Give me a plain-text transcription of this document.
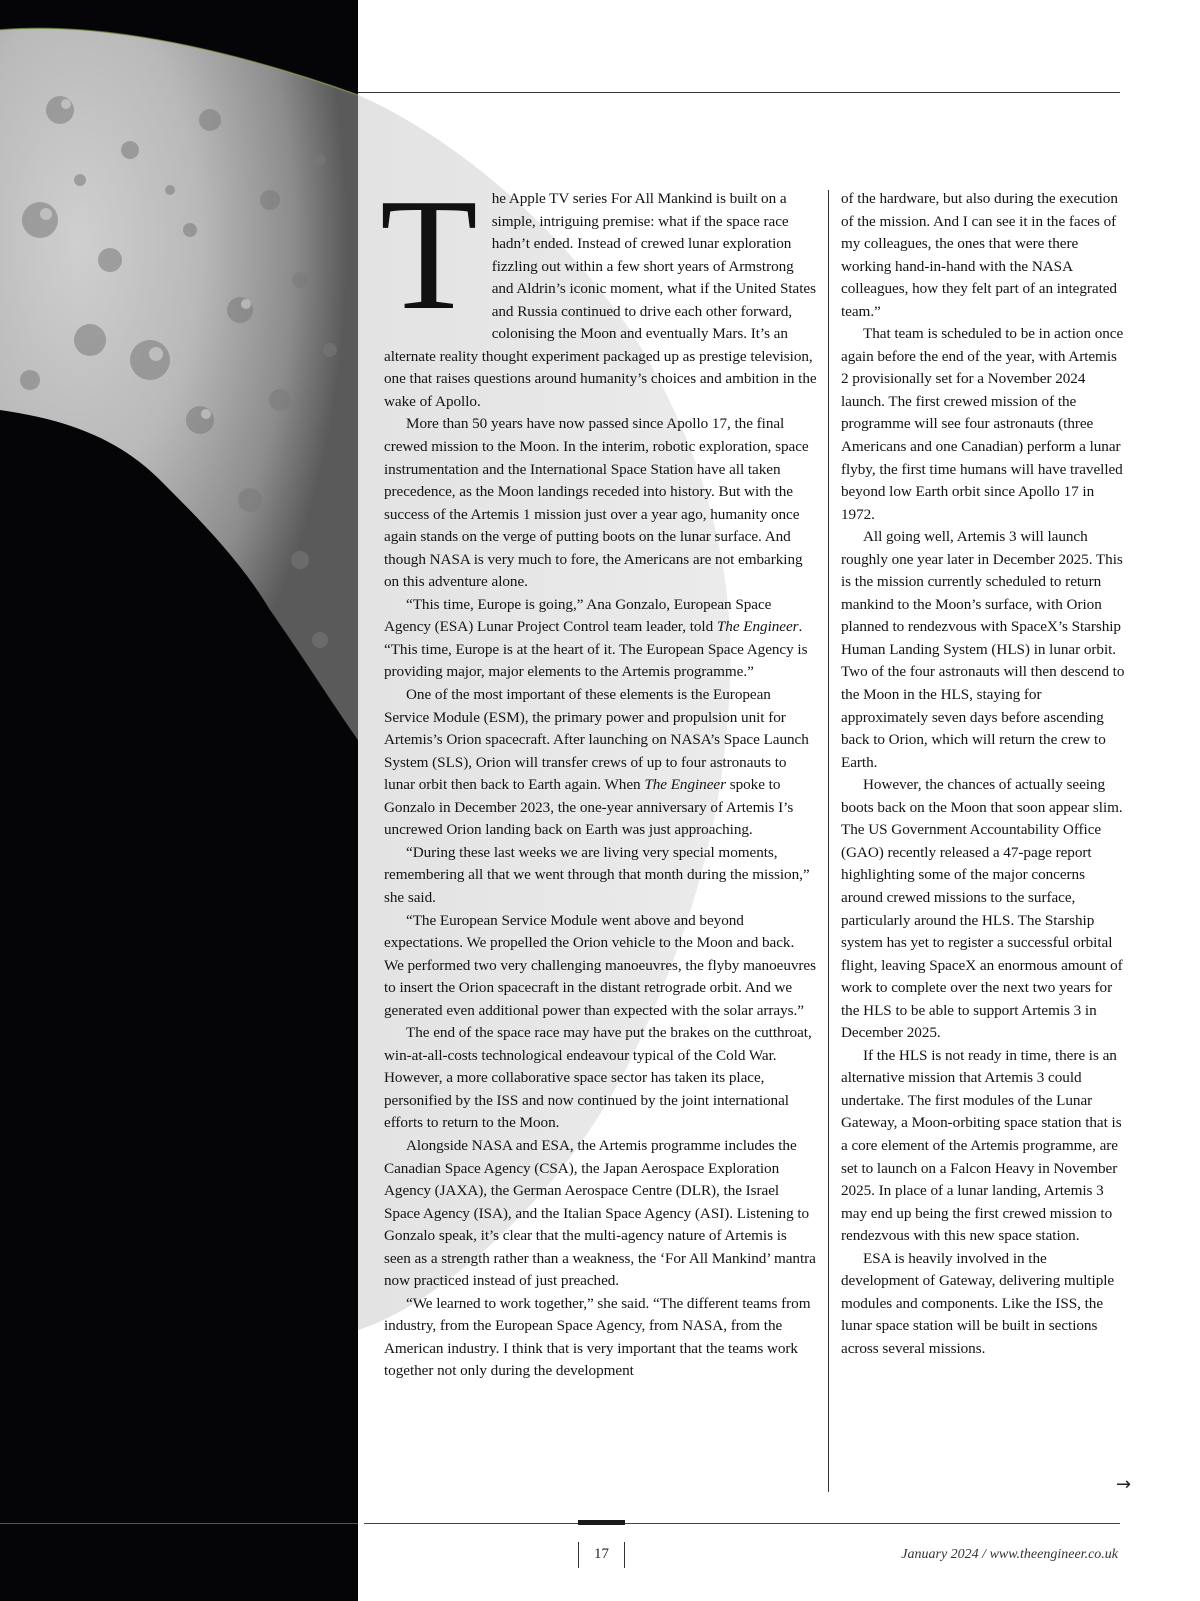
T he Apple TV series For All Mankind is built on a simple, intriguing premise: what if the space race hadn’t ended. Instead of crewed lunar exploration fizzling out within a few short years of Armstrong and Aldrin’s iconic moment, what if the United States and Russia continued to drive each other forward, colonising the Moon and eventually Mars. It’s an alternate reality thought experiment packaged up as prestige television, one that raises questions around humanity’s choices and ambition in the wake of Apollo.

More than 50 years have now passed since Apollo 17, the final crewed mission to the Moon. In the interim, robotic exploration, space instrumentation and the International Space Station have all taken precedence, as the Moon landings receded into history. But with the success of the Artemis 1 mission just over a year ago, humanity once again stands on the verge of putting boots on the lunar surface. And though NASA is very much to fore, the Americans are not embarking on this adventure alone.

“This time, Europe is going,” Ana Gonzalo, European Space Agency (ESA) Lunar Project Control team leader, told The Engineer. “This time, Europe is at the heart of it. The European Space Agency is providing major, major elements to the Artemis programme.”

One of the most important of these elements is the European Service Module (ESM), the primary power and propulsion unit for Artemis’s Orion spacecraft. After launching on NASA’s Space Launch System (SLS), Orion will transfer crews of up to four astronauts to lunar orbit then back to Earth again. When The Engineer spoke to Gonzalo in December 2023, the one-year anniversary of Artemis I’s uncrewed Orion landing back on Earth was just approaching.

“During these last weeks we are living very special moments, remembering all that we went through that month during the mission,” she said.

“The European Service Module went above and beyond expectations. We propelled the Orion vehicle to the Moon and back. We performed two very challenging manoeuvres, the flyby manoeuvres to insert the Orion spacecraft in the distant retrograde orbit. And we generated even additional power than expected with the solar arrays.”

The end of the space race may have put the brakes on the cutthroat, win-at-all-costs technological endeavour typical of the Cold War. However, a more collaborative space sector has taken its place, personified by the ISS and now continued by the joint international efforts to return to the Moon.

Alongside NASA and ESA, the Artemis programme includes the Canadian Space Agency (CSA), the Japan Aerospace Exploration Agency (JAXA), the German Aerospace Centre (DLR), the Israel Space Agency (ISA), and the Italian Space Agency (ASI). Listening to Gonzalo speak, it’s clear that the multi-agency nature of Artemis is seen as a strength rather than a weakness, the ‘For All Mankind’ mantra now practiced instead of just preached.

“We learned to work together,” she said. “The different teams from industry, from the European Space Agency, from NASA, from the American industry. I think that is very important that the teams work together not only during the development

of the hardware, but also during the execution of the mission. And I can see it in the faces of my colleagues, the ones that were there working hand-in-hand with the NASA colleagues, how they felt part of an integrated team.”

That team is scheduled to be in action once again before the end of the year, with Artemis 2 provisionally set for a November 2024 launch. The first crewed mission of the programme will see four astronauts (three Americans and one Canadian) perform a lunar flyby, the first time humans will have travelled beyond low Earth orbit since Apollo 17 in 1972.

All going well, Artemis 3 will launch roughly one year later in December 2025. This is the mission currently scheduled to return mankind to the Moon’s surface, with Orion planned to rendezvous with SpaceX’s Starship Human Landing System (HLS) in lunar orbit. Two of the four astronauts will then descend to the Moon in the HLS, staying for approximately seven days before ascending back to Orion, which will return the crew to Earth.

However, the chances of actually seeing boots back on the Moon that soon appear slim. The US Government Accountability Office (GAO) recently released a 47-page report highlighting some of the major concerns around crewed missions to the surface, particularly around the HLS. The Starship system has yet to register a successful orbital flight, leaving SpaceX an enormous amount of work to complete over the next two years for the HLS to be able to support Artemis 3 in December 2025.

If the HLS is not ready in time, there is an alternative mission that Artemis 3 could undertake. The first modules of the Lunar Gateway, a Moon-orbiting space station that is a core element of the Artemis programme, are set to launch on a Falcon Heavy in November 2025. In place of a lunar landing, Artemis 3 may end up being the first crewed mission to rendezvous with this new space station.

ESA is heavily involved in the development of Gateway, delivering multiple modules and components. Like the ISS, the lunar space station will be built in sections across several missions.

→
17	January 2024 / www.theengineer.co.uk
